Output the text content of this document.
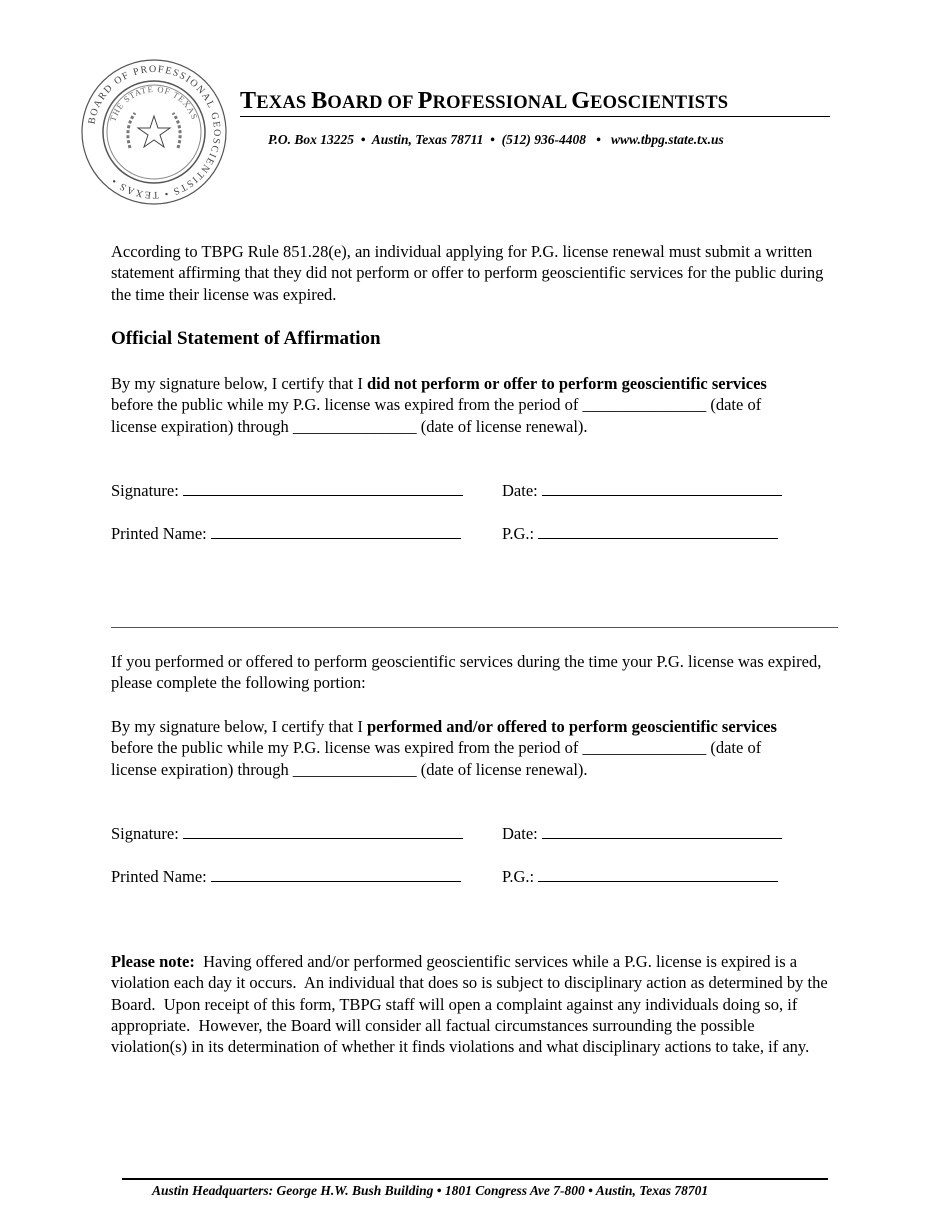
BOARD OF PROFESSIONAL GEOSCIENTISTS • TEXAS •
THE STATE OF TEXAS
TEXAS BOARD OF PROFESSIONAL GEOSCIENTISTS
P.O. Box 13225  •  Austin, Texas 78711  •  (512) 936-4408   •   www.tbpg.state.tx.us
According to TBPG Rule 851.28(e), an individual applying for P.G. license renewal must submit a written statement affirming that they did not perform or offer to perform geoscientific services for the public during the time their license was expired.
Official Statement of Affirmation
By my signature below, I certify that I did not perform or offer to perform geoscientific services before the public while my P.G. license was expired from the period of _______________ (date of license expiration) through _______________ (date of license renewal).
Signature:	Date:
Printed Name:	P.G.:
If you performed or offered to perform geoscientific services during the time your P.G. license was expired, please complete the following portion:
By my signature below, I certify that I performed and/or offered to perform geoscientific services before the public while my P.G. license was expired from the period of _______________ (date of license expiration) through _______________ (date of license renewal).
Signature:	Date:
Printed Name:	P.G.:
Please note:  Having offered and/or performed geoscientific services while a P.G. license is expired is a violation each day it occurs.  An individual that does so is subject to disciplinary action as determined by the Board.  Upon receipt of this form, TBPG staff will open a complaint against any individuals doing so, if appropriate.  However, the Board will consider all factual circumstances surrounding the possible violation(s) in its determination of whether it finds violations and what disciplinary actions to take, if any.
Austin Headquarters: George H.W. Bush Building • 1801 Congress Ave 7-800 • Austin, Texas 78701
